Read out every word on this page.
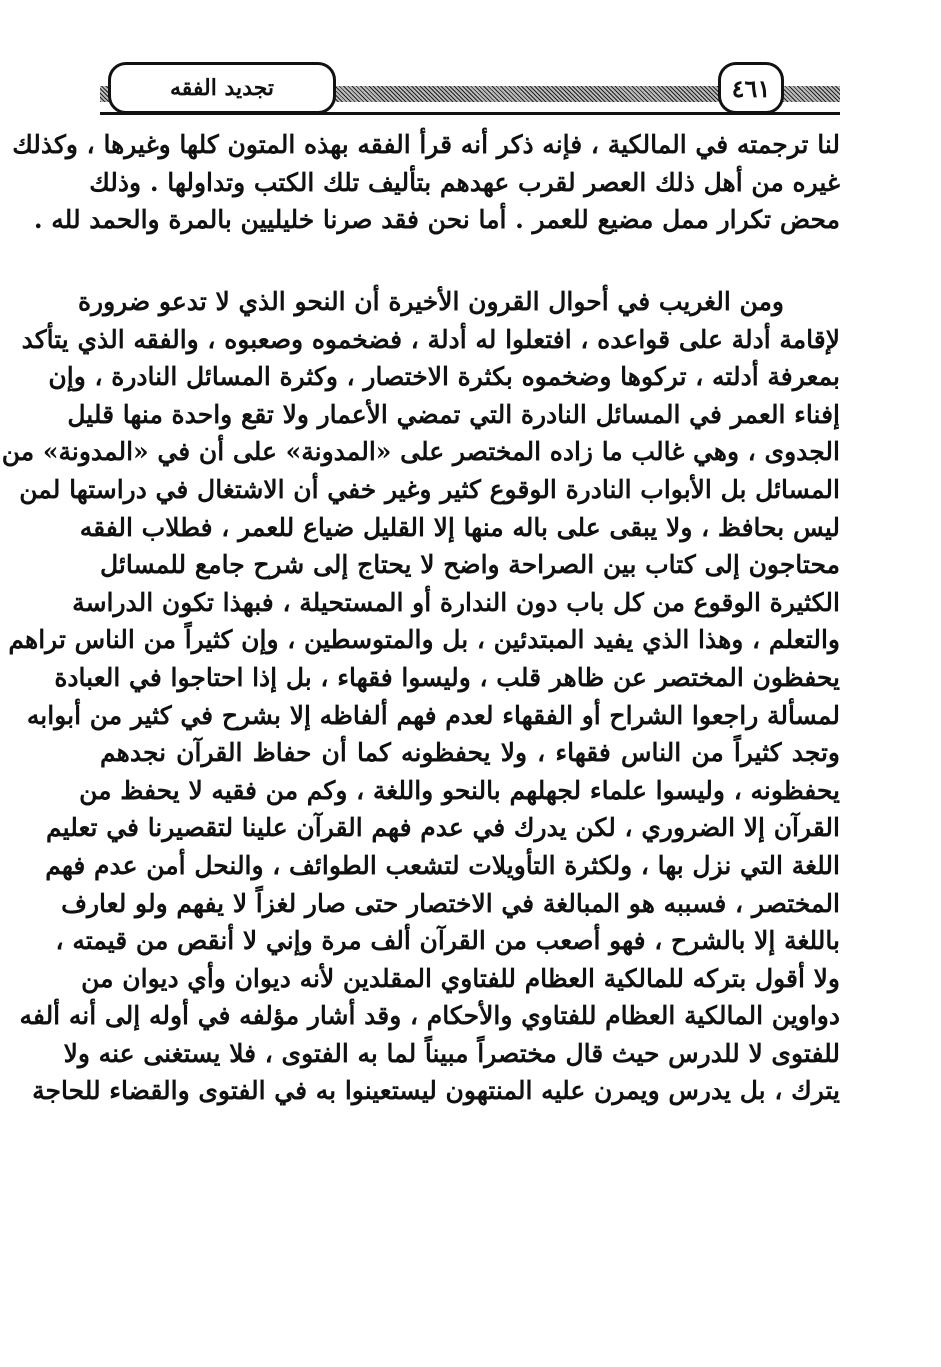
تجديد الفقه	٤٦١
لنا ترجمته في المالكية ، فإنه ذكر أنه قرأ الفقه بهذه المتون كلها وغيرها ، وكذلك
غيره من أهل ذلك العصر لقرب عهدهم بتأليف تلك الكتب وتداولها . وذلك
محض تكرار ممل مضيع للعمر . أما نحن فقد صرنا خليليين بالمرة والحمد لله .
ومن الغريب في أحوال القرون الأخيرة أن النحو الذي لا تدعو ضرورة
لإقامة أدلة على قواعده ، افتعلوا له أدلة ، فضخموه وصعبوه ، والفقه الذي يتأكد
بمعرفة أدلته ، تركوها وضخموه بكثرة الاختصار ، وكثرة المسائل النادرة ، وإن
إفناء العمر في المسائل النادرة التي تمضي الأعمار ولا تقع واحدة منها قليل
الجدوى ، وهي غالب ما زاده المختصر على «المدونة» على أن في «المدونة» من
المسائل بل الأبواب النادرة الوقوع كثير وغير خفي أن الاشتغال في دراستها لمن
ليس بحافظ ، ولا يبقى على باله منها إلا القليل ضياع للعمر ، فطلاب الفقه
محتاجون إلى كتاب بين الصراحة واضح لا يحتاج إلى شرح جامع للمسائل
الكثيرة الوقوع من كل باب دون الندارة أو المستحيلة ، فبهذا تكون الدراسة
والتعلم ، وهذا الذي يفيد المبتدئين ، بل والمتوسطين ، وإن كثيراً من الناس تراهم
يحفظون المختصر عن ظاهر قلب ، وليسوا فقهاء ، بل إذا احتاجوا في العبادة
لمسألة راجعوا الشراح أو الفقهاء لعدم فهم ألفاظه إلا بشرح في كثير من أبوابه
وتجد كثيراً من الناس فقهاء ، ولا يحفظونه كما أن حفاظ القرآن نجدهم
يحفظونه ، وليسوا علماء لجهلهم بالنحو واللغة ، وكم من فقيه لا يحفظ من
القرآن إلا الضروري ، لكن يدرك في عدم فهم القرآن علينا لتقصيرنا في تعليم
اللغة التي نزل بها ، ولكثرة التأويلات لتشعب الطوائف ، والنحل أمن عدم فهم
المختصر ، فسببه هو المبالغة في الاختصار حتى صار لغزاً لا يفهم ولو لعارف
باللغة إلا بالشرح ، فهو أصعب من القرآن ألف مرة وإني لا أنقص من قيمته ،
ولا أقول بتركه للمالكية العظام للفتاوي المقلدين لأنه ديوان وأي ديوان من
دواوين المالكية العظام للفتاوي والأحكام ، وقد أشار مؤلفه في أوله إلى أنه ألفه
للفتوى لا للدرس حيث قال مختصراً مبيناً لما به الفتوى ، فلا يستغنى عنه ولا
يترك ، بل يدرس ويمرن عليه المنتهون ليستعينوا به في الفتوى والقضاء للحاجة
